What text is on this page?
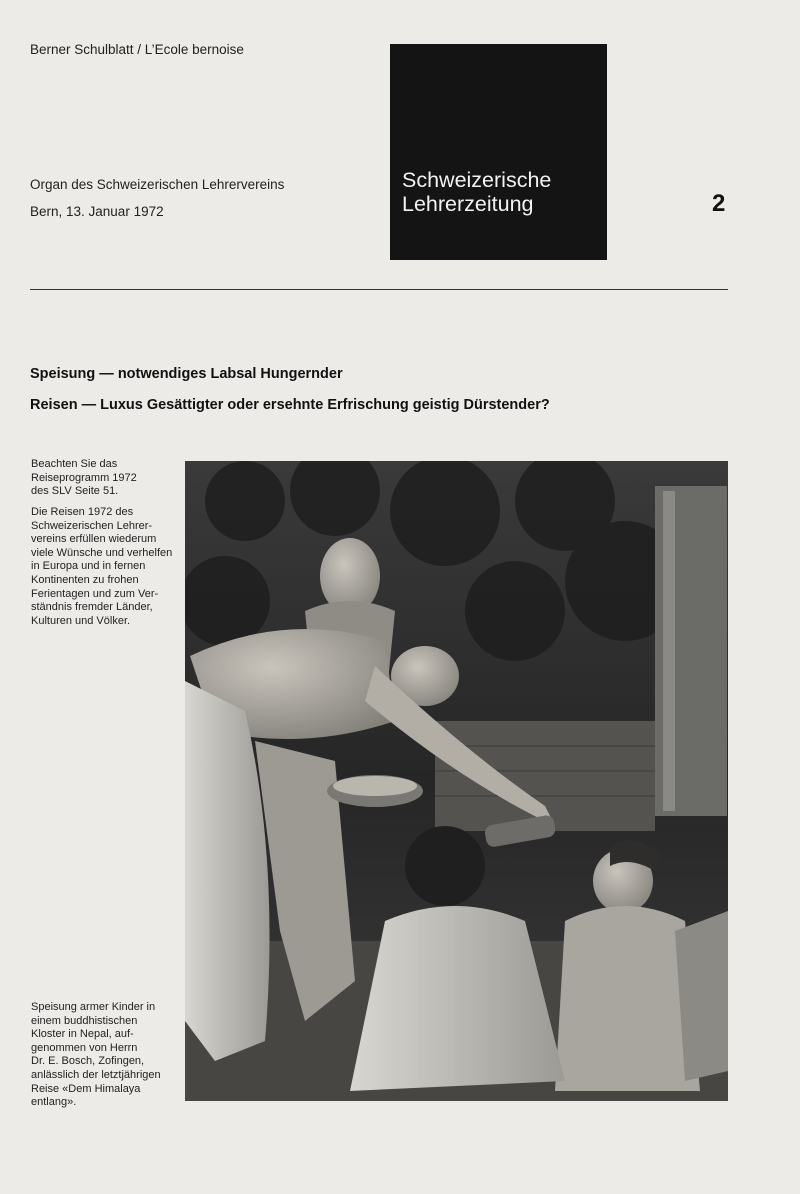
Berner Schulblatt / L’Ecole bernoise
Organ des Schweizerischen Lehrervereins
Bern, 13. Januar 1972
Schweizerische
Lehrerzeitung	2
Speisung — notwendiges Labsal Hungernder
Reisen — Luxus Gesättigter oder ersehnte Erfrischung geistig Dürstender?
Beachten Sie das
Reiseprogramm 1972
des SLV Seite 51.
Die Reisen 1972 des
Schweizerischen Lehrer-
vereins erfüllen wiederum
viele Wünsche und verhelfen
in Europa und in fernen
Kontinenten zu frohen
Ferientagen und zum Ver-
ständnis fremder Länder,
Kulturen und Völker.
Speisung armer Kinder in
einem buddhistischen
Kloster in Nepal, auf-
genommen von Herrn
Dr. E. Bosch, Zofingen,
anlässlich der letztjährigen
Reise «Dem Himalaya
entlang».
